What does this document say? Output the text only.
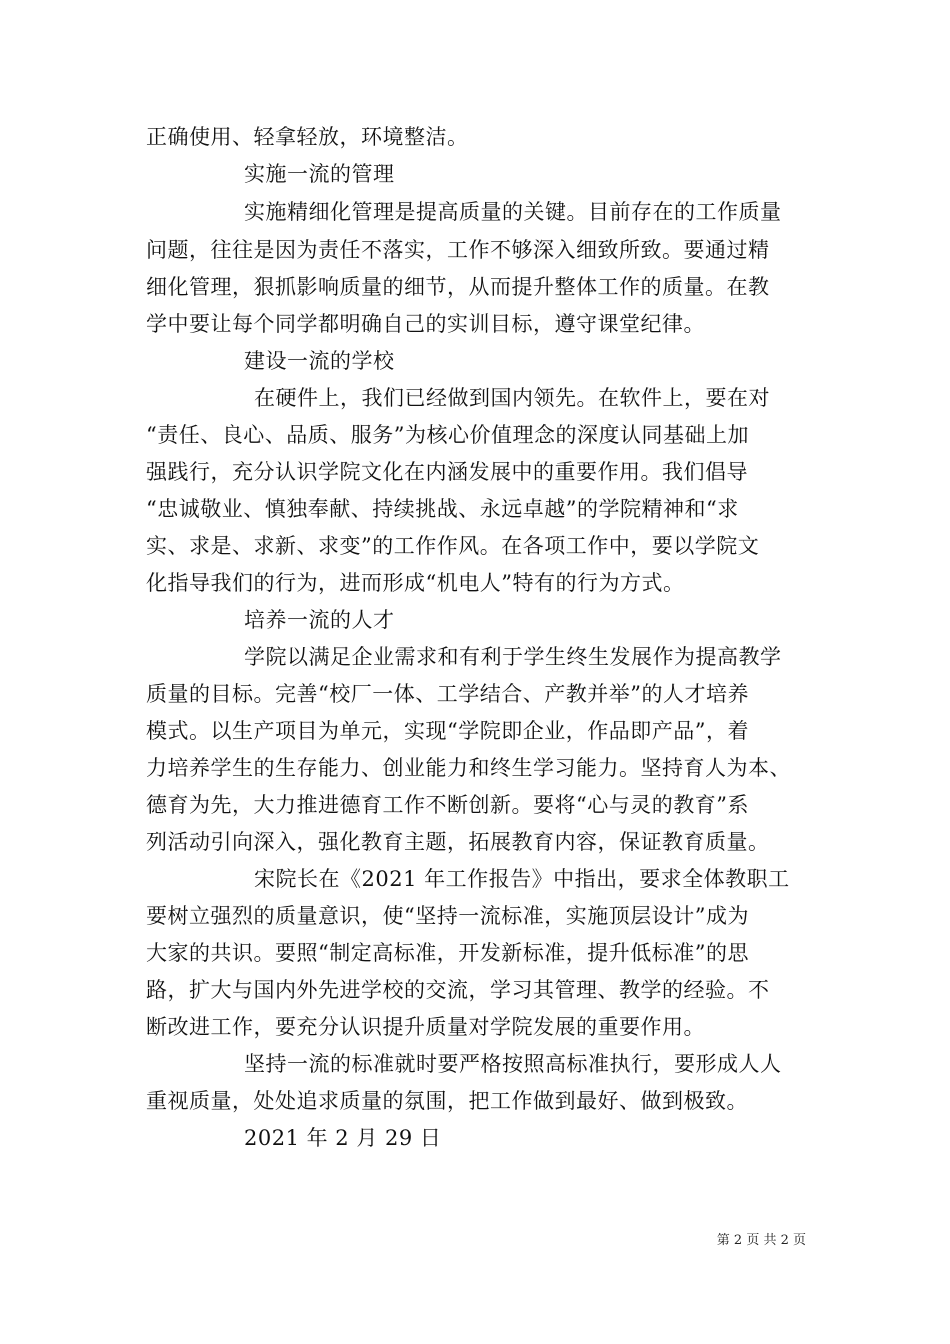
正确使用、轻拿轻放，环境整洁。
实施一流的管理
实施精细化管理是提高质量的关键。目前存在的工作质量
问题，往往是因为责任不落实，工作不够深入细致所致。要通过精
细化管理，狠抓影响质量的细节，从而提升整体工作的质量。在教
学中要让每个同学都明确自己的实训目标，遵守课堂纪律。
建设一流的学校
在硬件上，我们已经做到国内领先。在软件上，要在对
“责任、良心、品质、服务”为核心价值理念的深度认同基础上加
强践行，充分认识学院文化在内涵发展中的重要作用。我们倡导
“忠诚敬业、慎独奉献、持续挑战、永远卓越”的学院精神和“求
实、求是、求新、求变”的工作作风。在各项工作中，要以学院文
化指导我们的行为，进而形成“机电人”特有的行为方式。
培养一流的人才
学院以满足企业需求和有利于学生终生发展作为提高教学
质量的目标。完善“校厂一体、工学结合、产教并举”的人才培养
模式。以生产项目为单元，实现“学院即企业，作品即产品”，着
力培养学生的生存能力、创业能力和终生学习能力。坚持育人为本、
德育为先，大力推进德育工作不断创新。要将“心与灵的教育”系
列活动引向深入，强化教育主题，拓展教育内容，保证教育质量。
宋院长在《2021 年工作报告》中指出，要求全体教职工
要树立强烈的质量意识，使“坚持一流标准，实施顶层设计”成为
大家的共识。要照“制定高标准，开发新标准，提升低标准”的思
路，扩大与国内外先进学校的交流，学习其管理、教学的经验。不
断改进工作，要充分认识提升质量对学院发展的重要作用。
坚持一流的标准就时要严格按照高标准执行，要形成人人
重视质量，处处追求质量的氛围，把工作做到最好、做到极致。
2021 年 2 月 29 日
第 2 页 共 2 页
